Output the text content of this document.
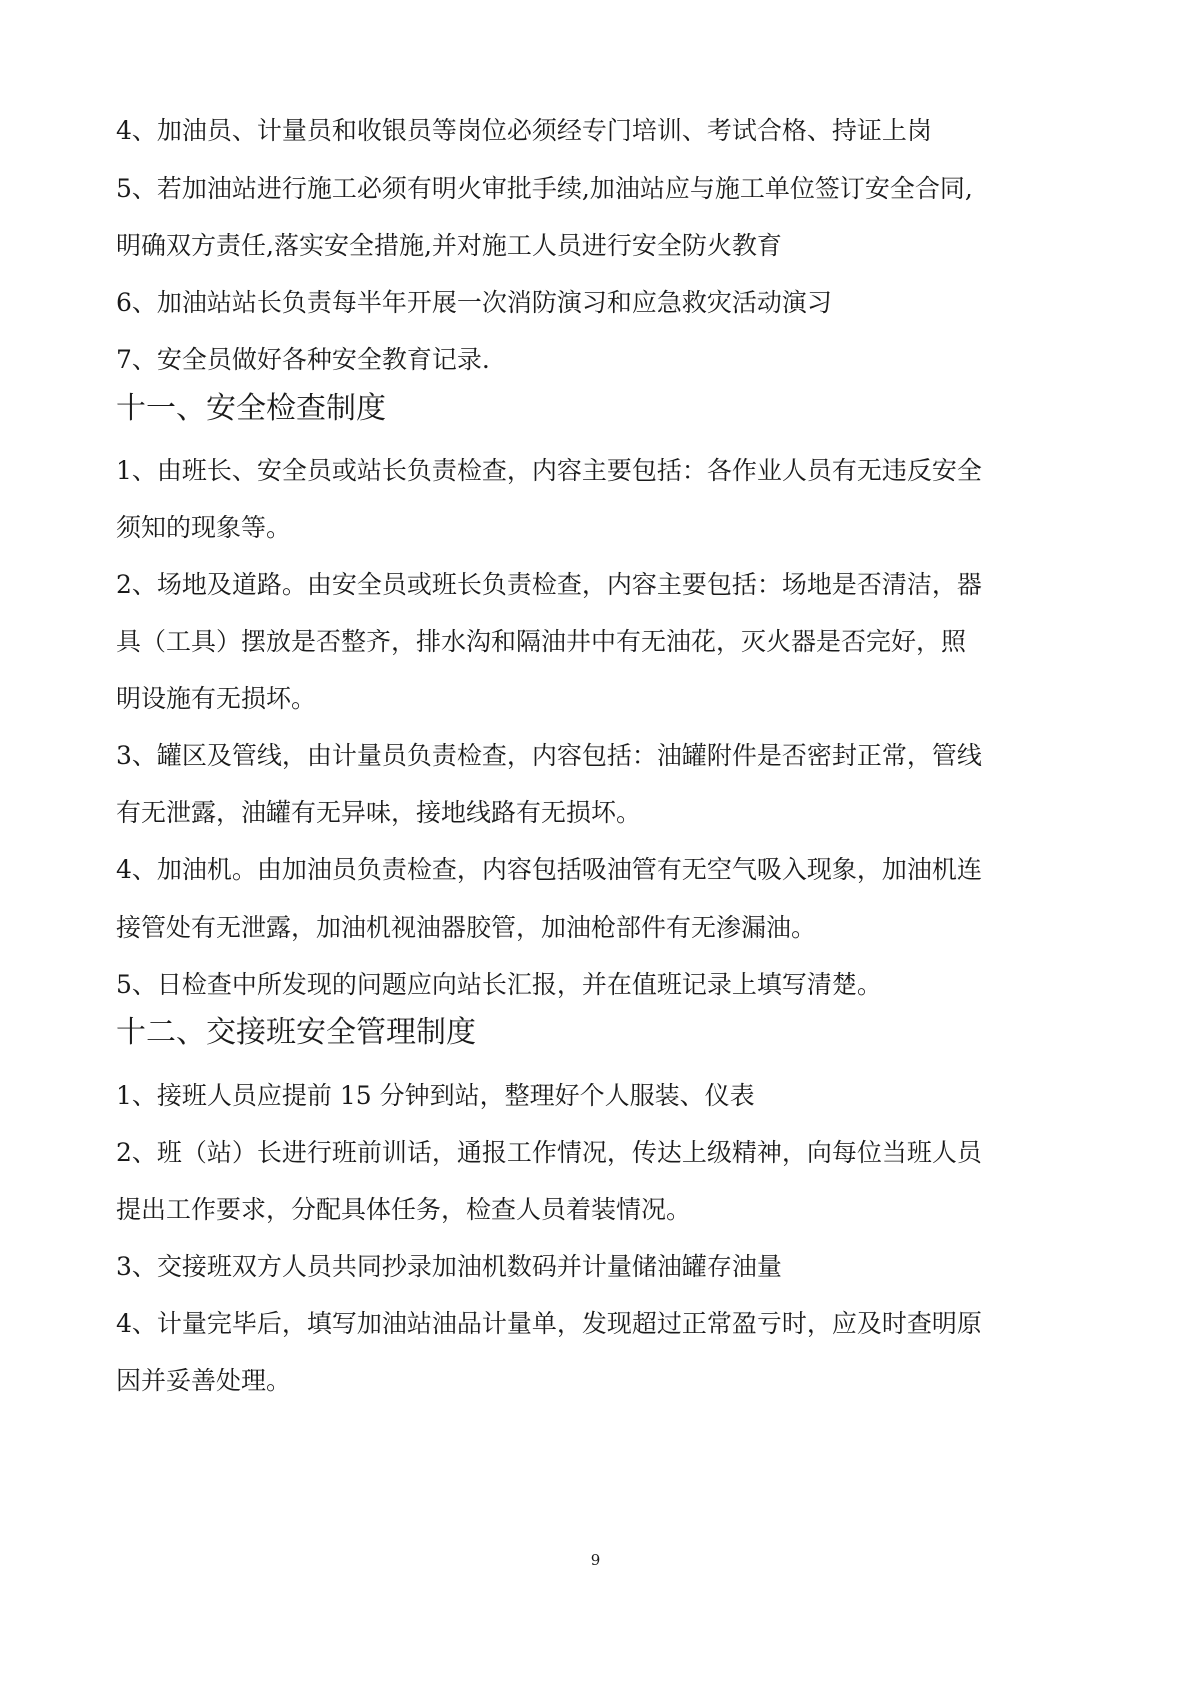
4、加油员、计量员和收银员等岗位必须经专门培训、考试合格、持证上岗

5、若加油站进行施工必须有明火审批手续,加油站应与施工单位签订安全合同,

明确双方责任,落实安全措施,并对施工人员进行安全防火教育

6、加油站站长负责每半年开展一次消防演习和应急救灾活动演习

7、安全员做好各种安全教育记录.

十一、安全检查制度

1、由班长、安全员或站长负责检查，内容主要包括：各作业人员有无违反安全

须知的现象等。

2、场地及道路。由安全员或班长负责检查，内容主要包括：场地是否清洁，器

具（工具）摆放是否整齐，排水沟和隔油井中有无油花，灭火器是否完好，照

明设施有无损坏。

3、罐区及管线，由计量员负责检查，内容包括：油罐附件是否密封正常，管线

有无泄露，油罐有无异味，接地线路有无损坏。

4、加油机。由加油员负责检查，内容包括吸油管有无空气吸入现象，加油机连

接管处有无泄露，加油机视油器胶管，加油枪部件有无渗漏油。

5、日检查中所发现的问题应向站长汇报，并在值班记录上填写清楚。

十二、交接班安全管理制度

1、接班人员应提前 15 分钟到站，整理好个人服装、仪表

2、班（站）长进行班前训话，通报工作情况，传达上级精神，向每位当班人员

提出工作要求，分配具体任务，检查人员着装情况。

3、交接班双方人员共同抄录加油机数码并计量储油罐存油量

4、计量完毕后，填写加油站油品计量单，发现超过正常盈亏时，应及时查明原

因并妥善处理。

9
